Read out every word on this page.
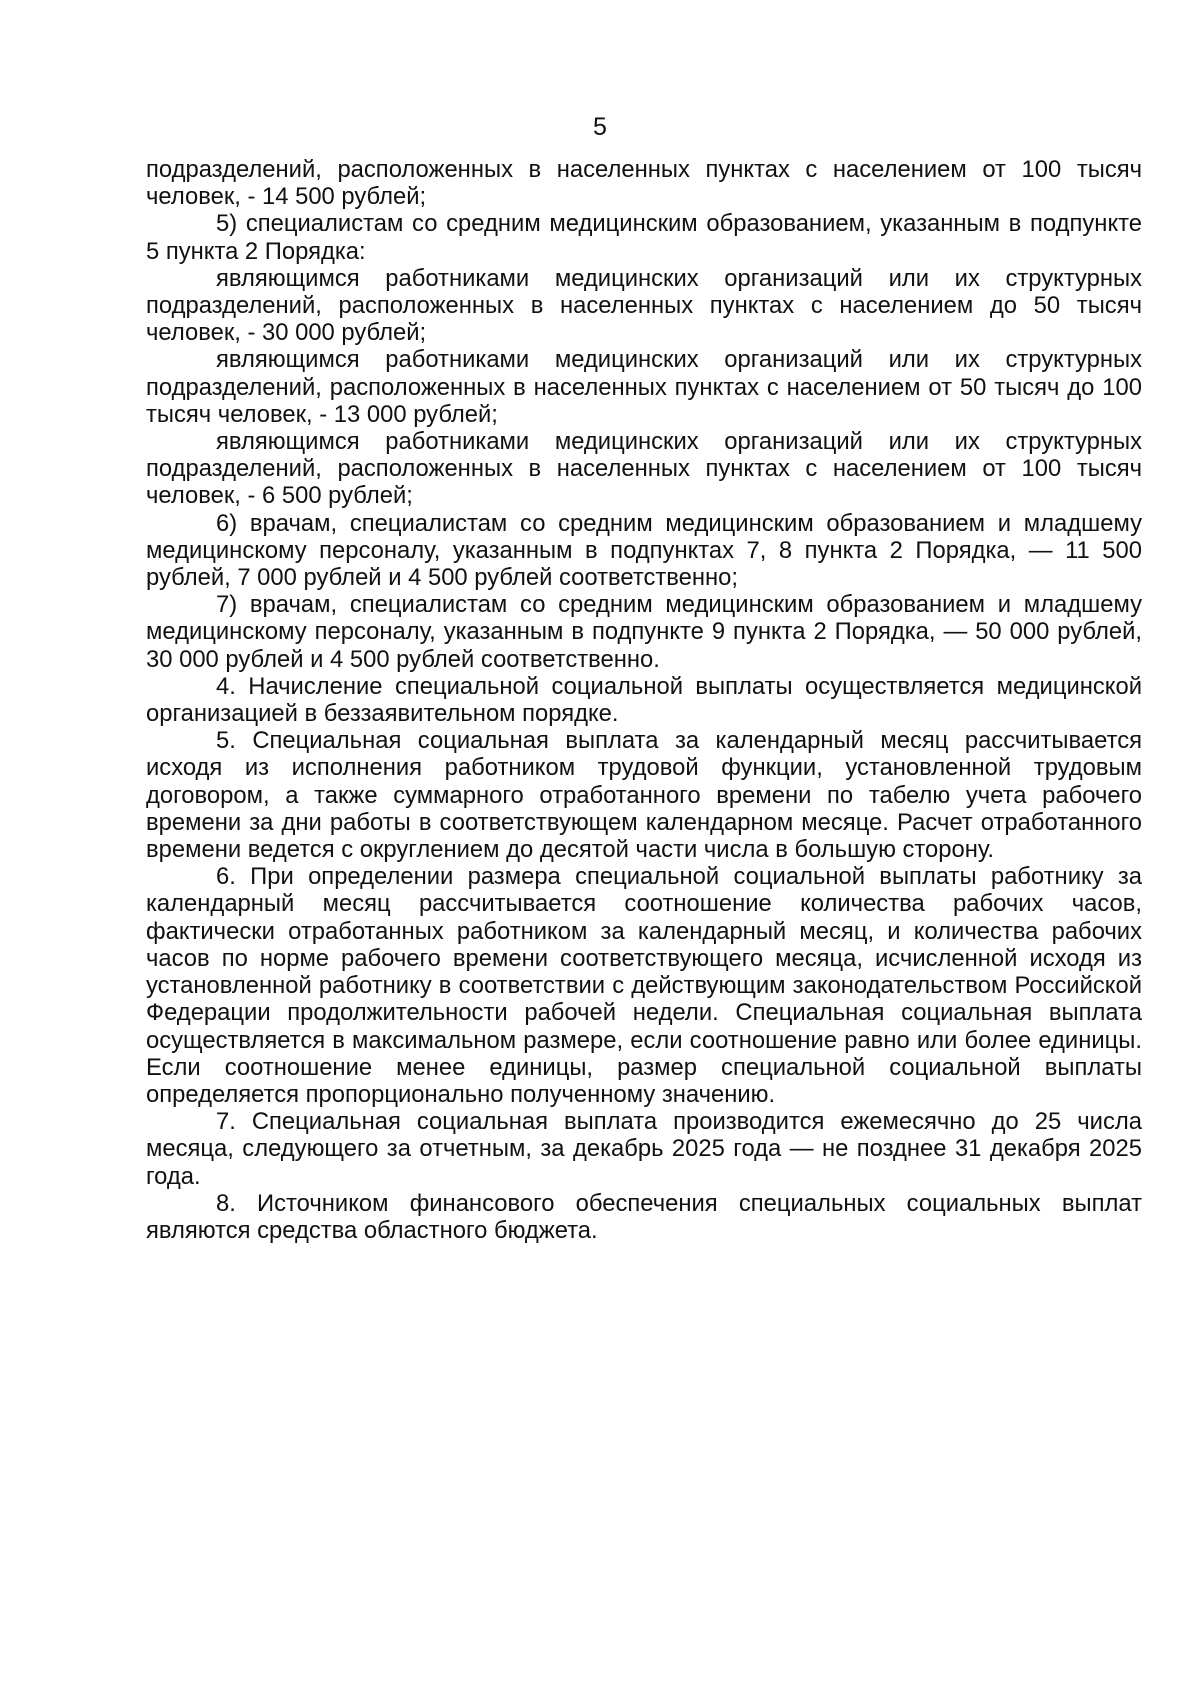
5

подразделений, расположенных в населенных пунктах с населением от 100 тысяч человек, - 14 500 рублей;

5) специалистам со средним медицинским образованием, указанным в подпункте 5 пункта 2 Порядка:

являющимся работниками медицинских организаций или их структурных подразделений, расположенных в населенных пунктах с населением до 50 тысяч человек, - 30 000 рублей;

являющимся работниками медицинских организаций или их структурных подразделений, расположенных в населенных пунктах с населением от 50 тысяч до 100 тысяч человек, - 13 000 рублей;

являющимся работниками медицинских организаций или их структурных подразделений, расположенных в населенных пунктах с населением от 100 тысяч человек, - 6 500 рублей;

6) врачам, специалистам со средним медицинским образованием и младшему медицинскому персоналу, указанным в подпунктах 7, 8 пункта 2 Порядка, — 11 500 рублей, 7 000 рублей и 4 500 рублей соответственно;

7) врачам, специалистам со средним медицинским образованием и младшему медицинскому персоналу, указанным в подпункте 9 пункта 2 Порядка, — 50 000 рублей, 30 000 рублей и 4 500 рублей соответственно.

4. Начисление специальной социальной выплаты осуществляется медицинской организацией в беззаявительном порядке.

5. Специальная социальная выплата за календарный месяц рассчитывается исходя из исполнения работником трудовой функции, установленной трудовым договором, а также суммарного отработанного времени по табелю учета рабочего времени за дни работы в соответствующем календарном месяце. Расчет отработанного времени ведется с округлением до десятой части числа в большую сторону.

6. При определении размера специальной социальной выплаты работнику за календарный месяц рассчитывается соотношение количества рабочих часов, фактически отработанных работником за календарный месяц, и количества рабочих часов по норме рабочего времени соответствующего месяца, исчисленной исходя из установленной работнику в соответствии с действующим законодательством Российской Федерации продолжительности рабочей недели. Специальная социальная выплата осуществляется в максимальном размере, если соотношение равно или более единицы. Если соотношение менее единицы, размер специальной социальной выплаты определяется пропорционально полученному значению.

7. Специальная социальная выплата производится ежемесячно до 25 числа месяца, следующего за отчетным, за декабрь 2025 года — не позднее 31 декабря 2025 года.

8. Источником финансового обеспечения специальных социальных выплат являются средства областного бюджета.
